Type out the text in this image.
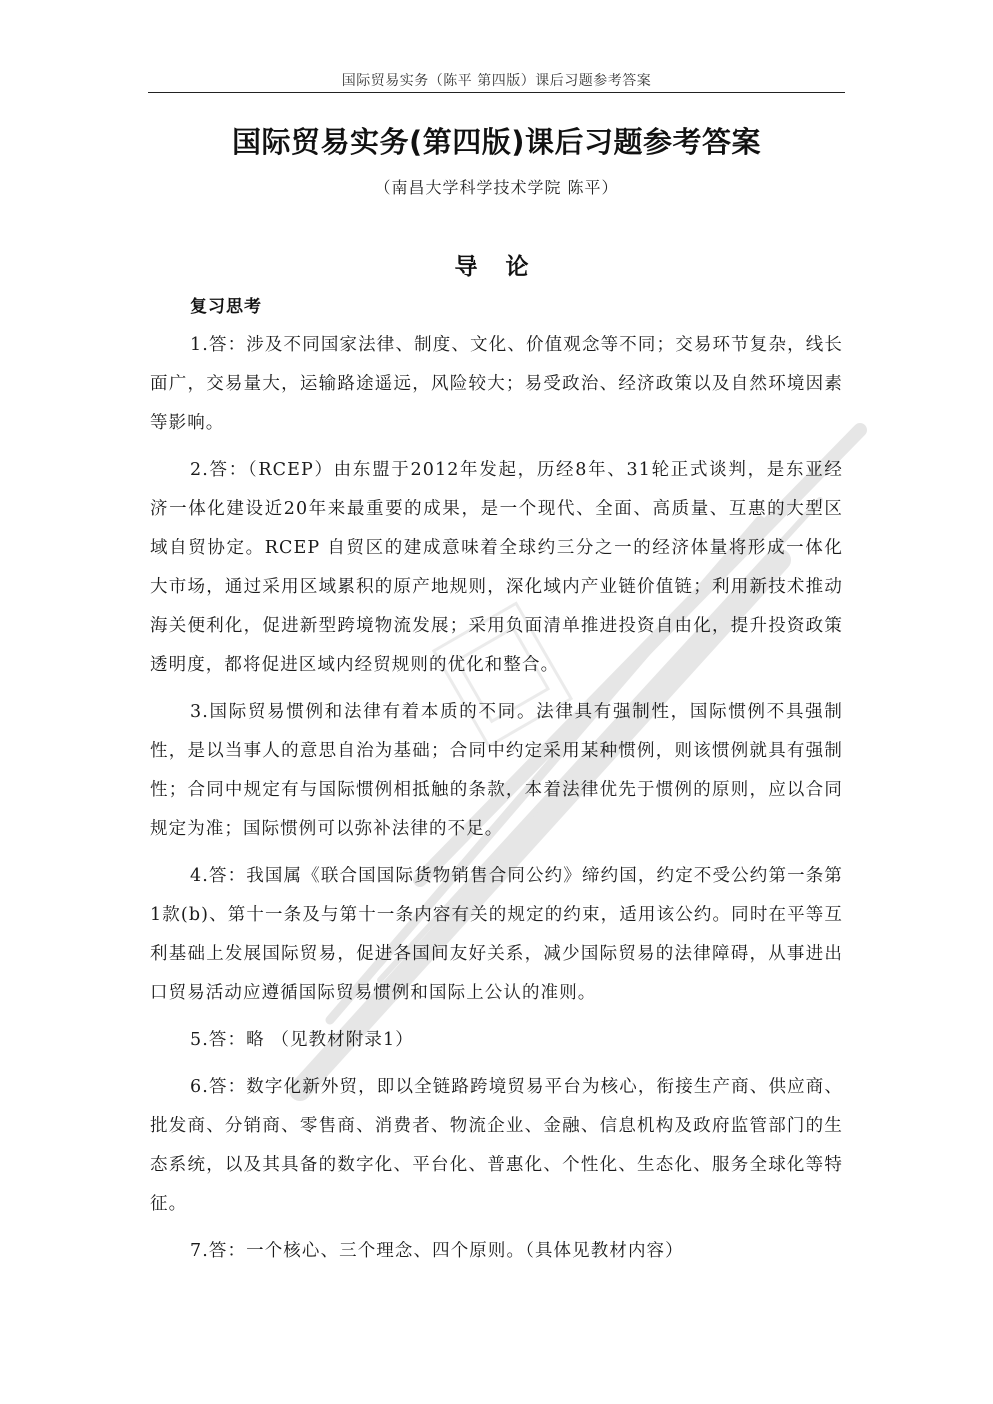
国际贸易实务（陈平 第四版）课后习题参考答案
国际贸易实务(第四版)课后习题参考答案
（南昌大学科学技术学院 陈平）
导 论
复习思考

1.答：涉及不同国家法律、制度、文化、价值观念等不同；交易环节复杂，线长面广，交易量大，运输路途遥远，风险较大；易受政治、经济政策以及自然环境因素等影响。

2.答：（RCEP）由东盟于2012年发起，历经8年、31轮正式谈判，是东亚经济一体化建设近20年来最重要的成果，是一个现代、全面、高质量、互惠的大型区域自贸协定。RCEP 自贸区的建成意味着全球约三分之一的经济体量将形成一体化大市场，通过采用区域累积的原产地规则，深化域内产业链价值链；利用新技术推动海关便利化，促进新型跨境物流发展；采用负面清单推进投资自由化，提升投资政策透明度，都将促进区域内经贸规则的优化和整合。

3.国际贸易惯例和法律有着本质的不同。法律具有强制性，国际惯例不具强制性，是以当事人的意思自治为基础；合同中约定采用某种惯例，则该惯例就具有强制性；合同中规定有与国际惯例相抵触的条款，本着法律优先于惯例的原则，应以合同规定为准；国际惯例可以弥补法律的不足。

4.答：我国属《联合国国际货物销售合同公约》缔约国，约定不受公约第一条第1款(b)、第十一条及与第十一条内容有关的规定的约束，适用该公约。同时在平等互利基础上发展国际贸易，促进各国间友好关系，减少国际贸易的法律障碍，从事进出口贸易活动应遵循国际贸易惯例和国际上公认的准则。

5.答：略 （见教材附录1）

6.答：数字化新外贸，即以全链路跨境贸易平台为核心，衔接生产商、供应商、批发商、分销商、零售商、消费者、物流企业、金融、信息机构及政府监管部门的生态系统，以及其具备的数字化、平台化、普惠化、个性化、生态化、服务全球化等特征。

7.答：一个核心、三个理念、四个原则。（具体见教材内容）
